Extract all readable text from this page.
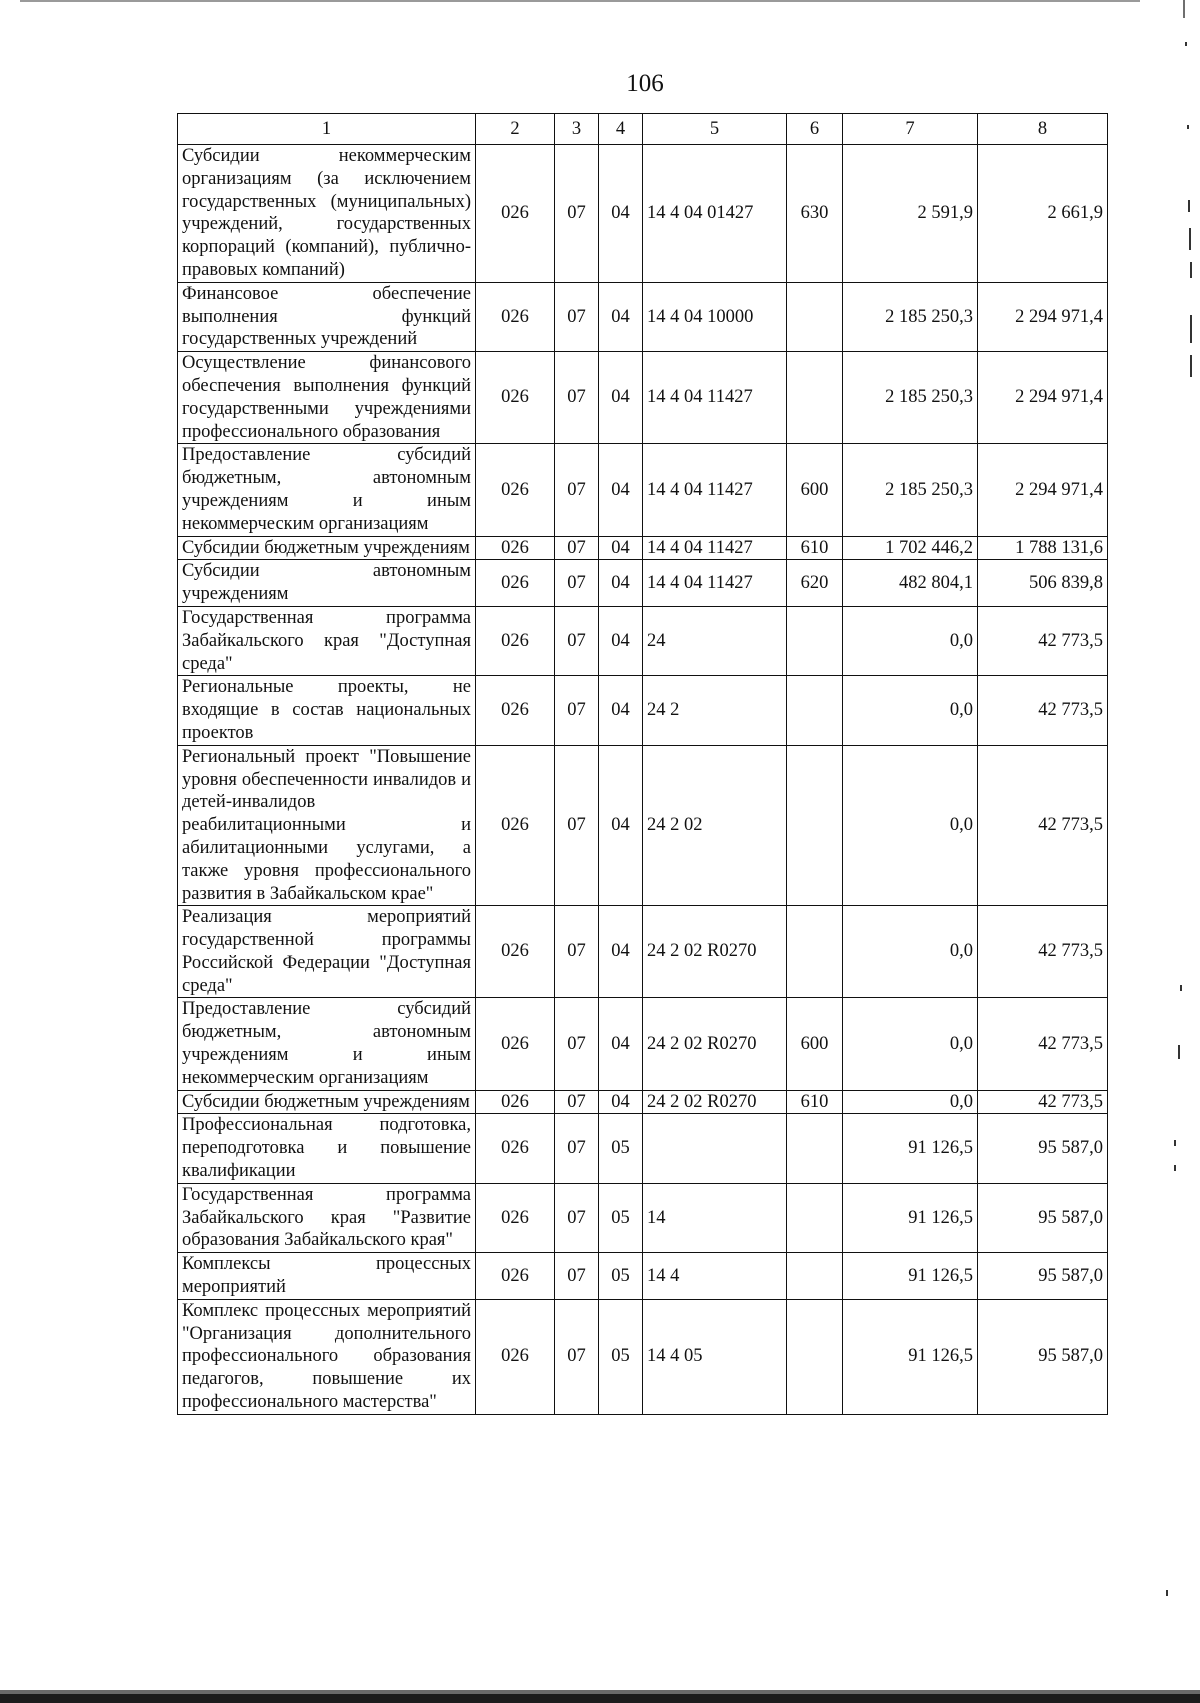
106
1	2	3	4	5	6	7	8
Субсидии некоммерческим организациям (за исключением государственных (муниципальных) учреждений, государственных корпораций (компаний), публично-правовых компаний)	026	07	04	14 4 04 01427	630	2 591,9	2 661,9
Финансовое обеспечение выполнения функций государственных учреждений	026	07	04	14 4 04 10000		2 185 250,3	2 294 971,4
Осуществление финансового обеспечения выполнения функций государственными учреждениями профессионального образования	026	07	04	14 4 04 11427		2 185 250,3	2 294 971,4
Предоставление субсидий бюджетным, автономным учреждениям и иным некоммерческим организациям	026	07	04	14 4 04 11427	600	2 185 250,3	2 294 971,4
Субсидии бюджетным учреждениям	026	07	04	14 4 04 11427	610	1 702 446,2	1 788 131,6
Субсидии автономным учреждениям	026	07	04	14 4 04 11427	620	482 804,1	506 839,8
Государственная программа Забайкальского края "Доступная среда"	026	07	04	24		0,0	42 773,5
Региональные проекты, не входящие в состав национальных проектов	026	07	04	24 2		0,0	42 773,5
Региональный проект "Повышение уровня обеспеченности инвалидов и детей-инвалидов реабилитационными и абилитационными услугами, а также уровня профессионального развития в Забайкальском крае"	026	07	04	24 2 02		0,0	42 773,5
Реализация мероприятий государственной программы Российской Федерации "Доступная среда"	026	07	04	24 2 02 R0270		0,0	42 773,5
Предоставление субсидий бюджетным, автономным учреждениям и иным некоммерческим организациям	026	07	04	24 2 02 R0270	600	0,0	42 773,5
Субсидии бюджетным учреждениям	026	07	04	24 2 02 R0270	610	0,0	42 773,5
Профессиональная подготовка, переподготовка и повышение квалификации	026	07	05			91 126,5	95 587,0
Государственная программа Забайкальского края "Развитие образования Забайкальского края"	026	07	05	14		91 126,5	95 587,0
Комплексы процессных мероприятий	026	07	05	14 4		91 126,5	95 587,0
Комплекс процессных мероприятий "Организация дополнительного профессионального образования педагогов, повышение их профессионального мастерства"	026	07	05	14 4 05		91 126,5	95 587,0
